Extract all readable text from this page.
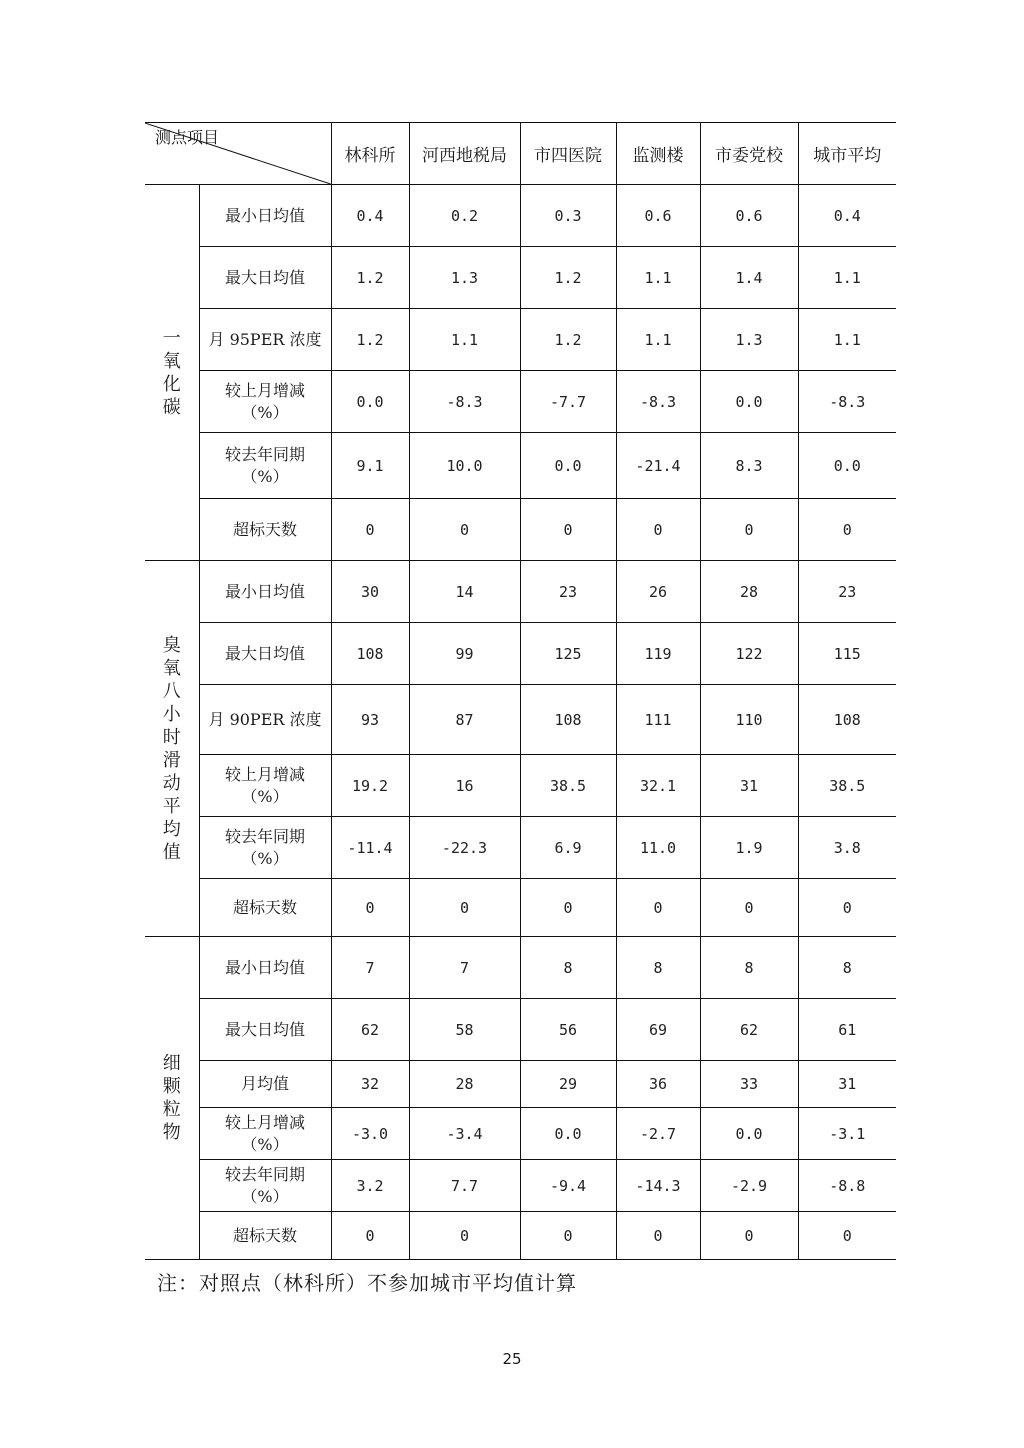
测点项目		林科所	河西地税局	市四医院	监测楼	市委党校	城市平均
一氧化碳	最小日均值	0.4	0.2	0.3	0.6	0.6	0.4

	最大日均值	1.2	1.3	1.2	1.1	1.4	1.1

	月 95PER 浓度	1.2	1.1	1.2	1.1	1.3	1.1

	较上月增减
（%）	0.0	-8.3	-7.7	-8.3	0.0	-8.3

	较去年同期
（%）	9.1	10.0	0.0	-21.4	8.3	0.0

	超标天数	0	0	0	0	0	0
臭氧八小时滑动平均值	最小日均值	30	14	23	26	28	23

	最大日均值	108	99	125	119	122	115

	月 90PER 浓度	93	87	108	111	110	108

	较上月增减
（%）	19.2	16	38.5	32.1	31	38.5

	较去年同期
（%）	-11.4	-22.3	6.9	11.0	1.9	3.8

	超标天数	0	0	0	0	0	0
细颗粒物	最小日均值	7	7	8	8	8	8

	最大日均值	62	58	56	69	62	61

	月均值	32	28	29	36	33	31

	较上月增减
（%）	-3.0	-3.4	0.0	-2.7	0.0	-3.1

	较去年同期
（%）	3.2	7.7	-9.4	-14.3	-2.9	-8.8

	超标天数	0	0	0	0	0	0
注：对照点（林科所）不参加城市平均值计算
25
